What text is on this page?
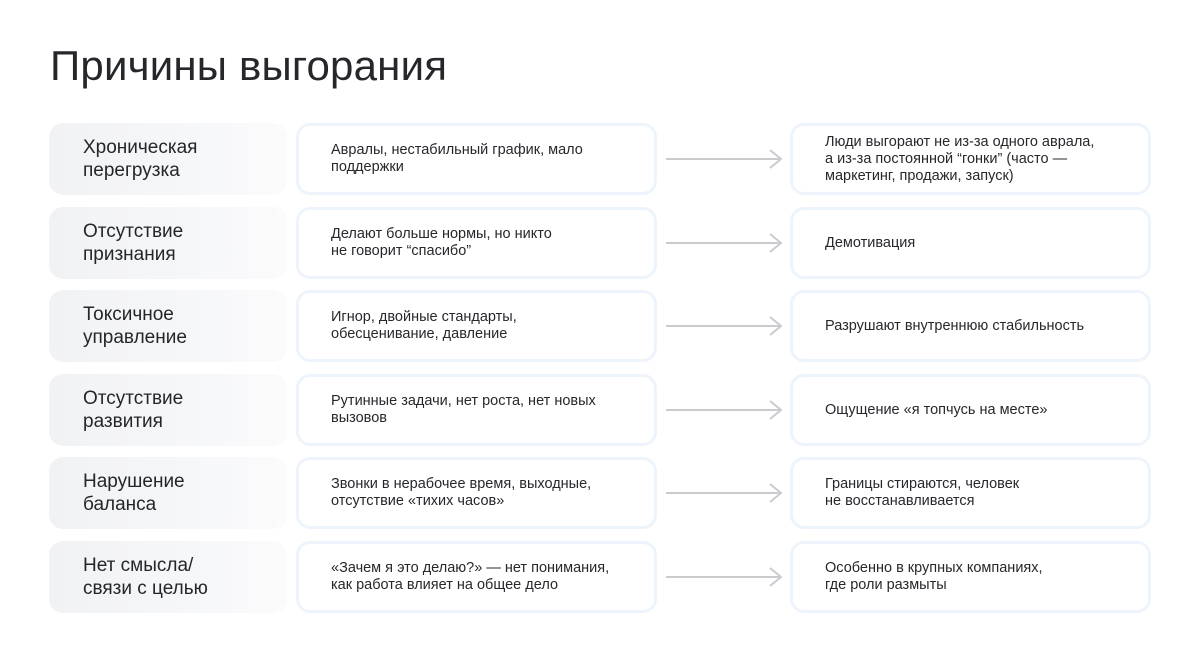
Причины выгорания
Хроническая
перегрузка
Авралы, нестабильный график, мало
поддержки
Люди выгорают не из-за одного аврала,
а из-за постоянной “гонки” (часто —
маркетинг, продажи, запуск)
Отсутствие
признания
Делают больше нормы, но никто
не говорит “спасибо”
Демотивация
Токсичное
управление
Игнор, двойные стандарты,
обесценивание, давление
Разрушают внутреннюю стабильность
Отсутствие
развития
Рутинные задачи, нет роста, нет новых
вызовов
Ощущение «я топчусь на месте»
Нарушение
баланса
Звонки в нерабочее время, выходные,
отсутствие «тихих часов»
Границы стираются, человек
не восстанавливается
Нет смысла/
связи с целью
«Зачем я это делаю?» — нет понимания,
как работа влияет на общее дело
Особенно в крупных компаниях,
где роли размыты
